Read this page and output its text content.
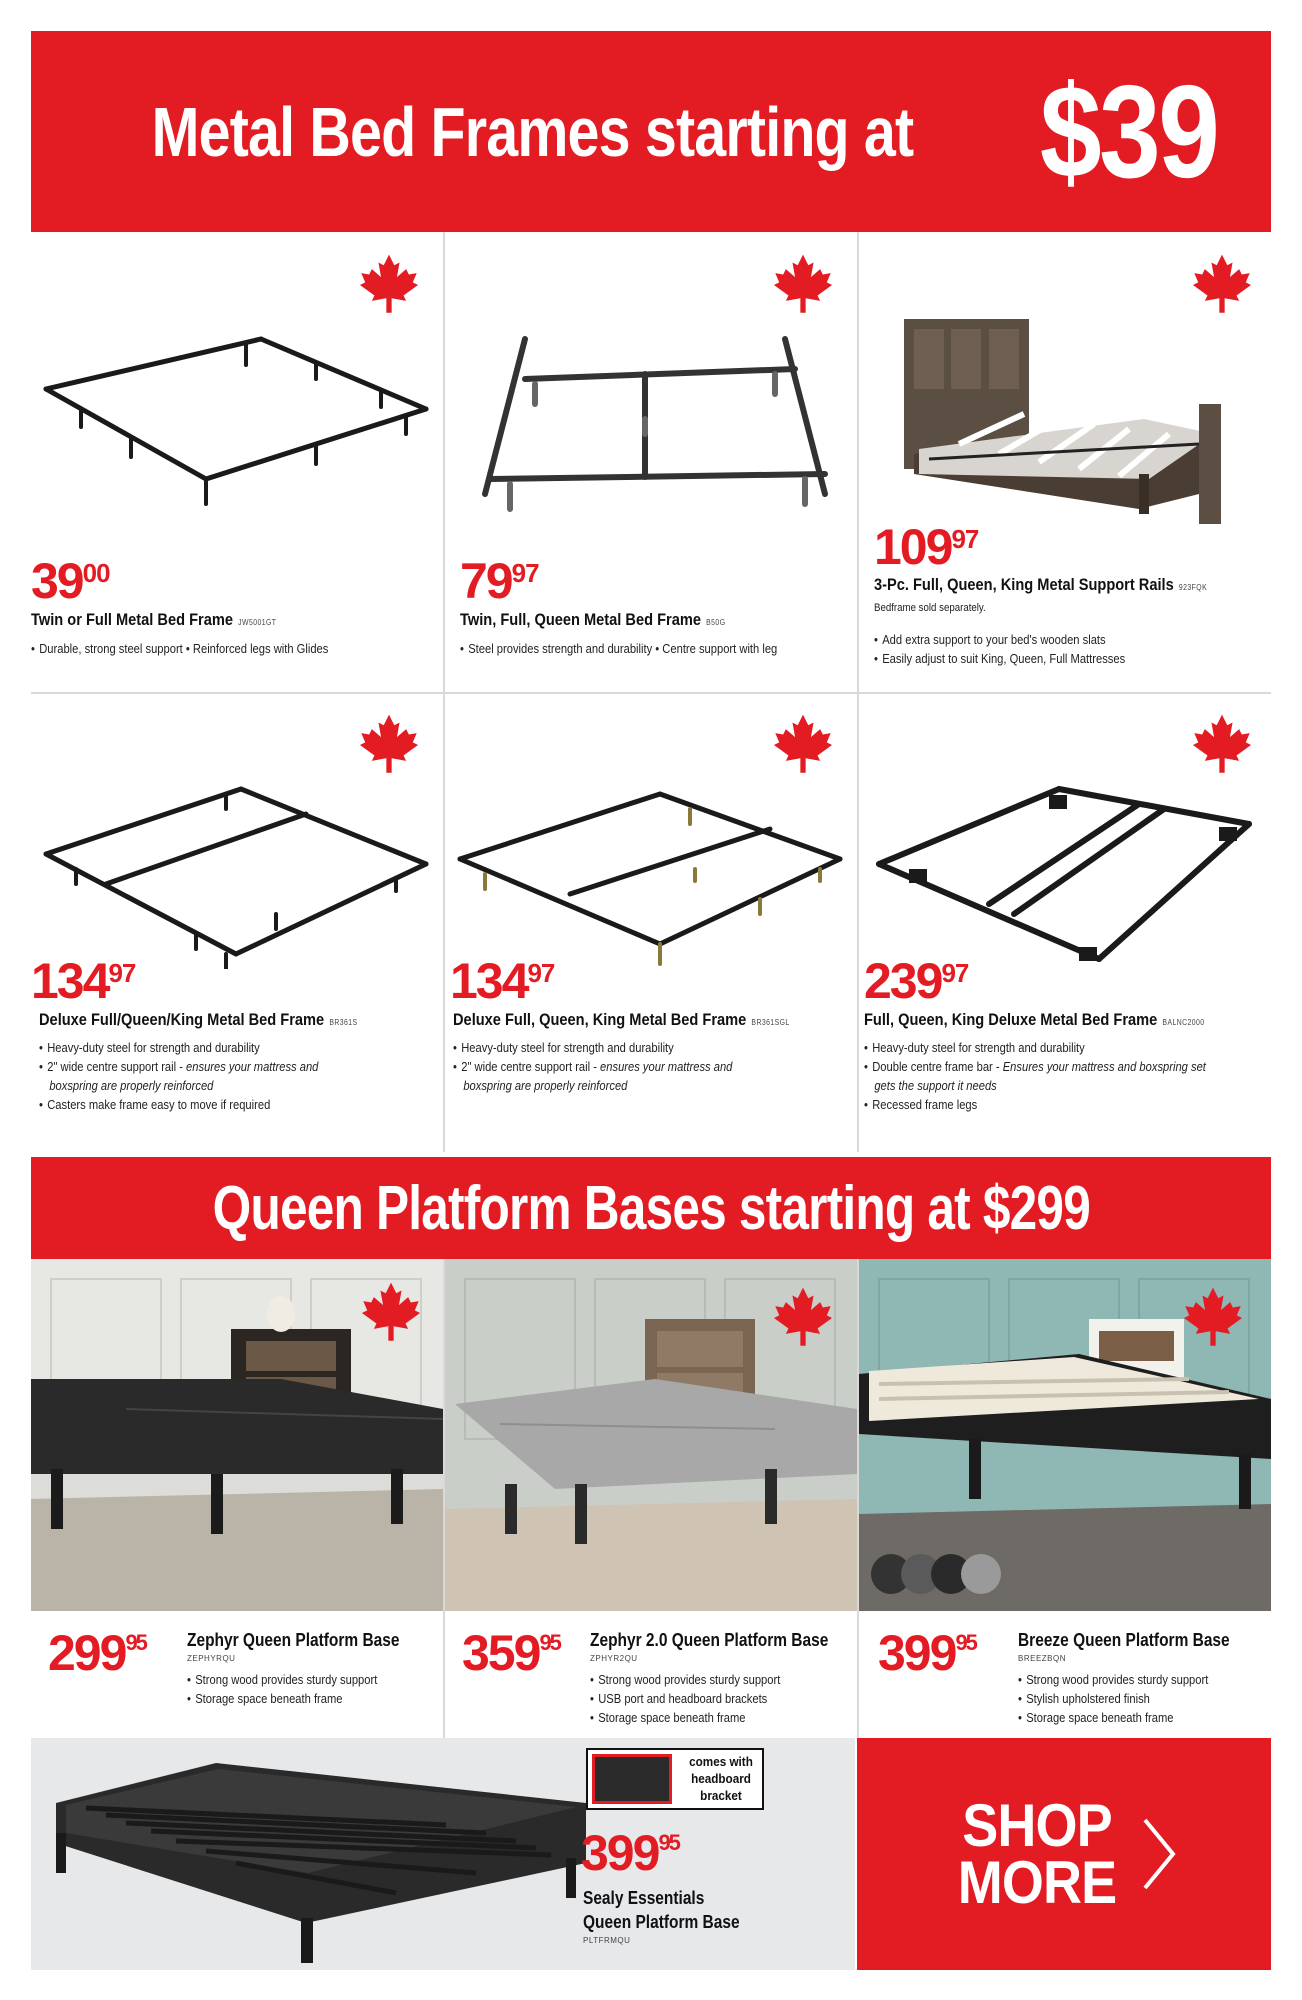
Metal Bed Frames starting at $39
$39^{00}$
Twin or Full Metal Bed Frame JW5001GT
• Durable, strong steel support • Reinforced legs with Glides
$79^{97}$
Twin, Full, Queen Metal Bed Frame B50G
• Steel provides strength and durability • Centre support with leg
$109^{97}$
3-Pc. Full, Queen, King Metal Support Rails 923FQK
Bedframe sold separately.
• Add extra support to your bed's wooden slats
• Easily adjust to suit King, Queen, Full Mattresses
$134^{97}$
Deluxe Full/Queen/King Metal Bed Frame BR361S
• Heavy-duty steel for strength and durability
• 2" wide centre support rail - ensures your mattress and
boxspring are properly reinforced
• Casters make frame easy to move if required
$134^{97}$
Deluxe Full, Queen, King Metal Bed Frame BR361SGL
• Heavy-duty steel for strength and durability
• 2" wide centre support rail - ensures your mattress and
boxspring are properly reinforced
$239^{97}$
Full, Queen, King Deluxe Metal Bed Frame BALNC2000
• Heavy-duty steel for strength and durability
• Double centre frame bar - Ensures your mattress and boxspring set
gets the support it needs
• Recessed frame legs
Queen Platform Bases starting at $299
$299^{95}$ Zephyr Queen Platform Base
ZEPHYRQU
• Strong wood provides sturdy support
• Storage space beneath frame
$359^{95}$ Zephyr 2.0 Queen Platform Base
ZPHYR2QU
• Strong wood provides sturdy support
• USB port and headboard brackets
• Storage space beneath frame
$399^{95}$ Breeze Queen Platform Base
BREEZBQN
• Strong wood provides sturdy support
• Stylish upholstered finish
• Storage space beneath frame
comes with
headboard
bracket
$399^{95}$
Sealy Essentials
Queen Platform Base
PLTFRMQU
SHOP
MORE
